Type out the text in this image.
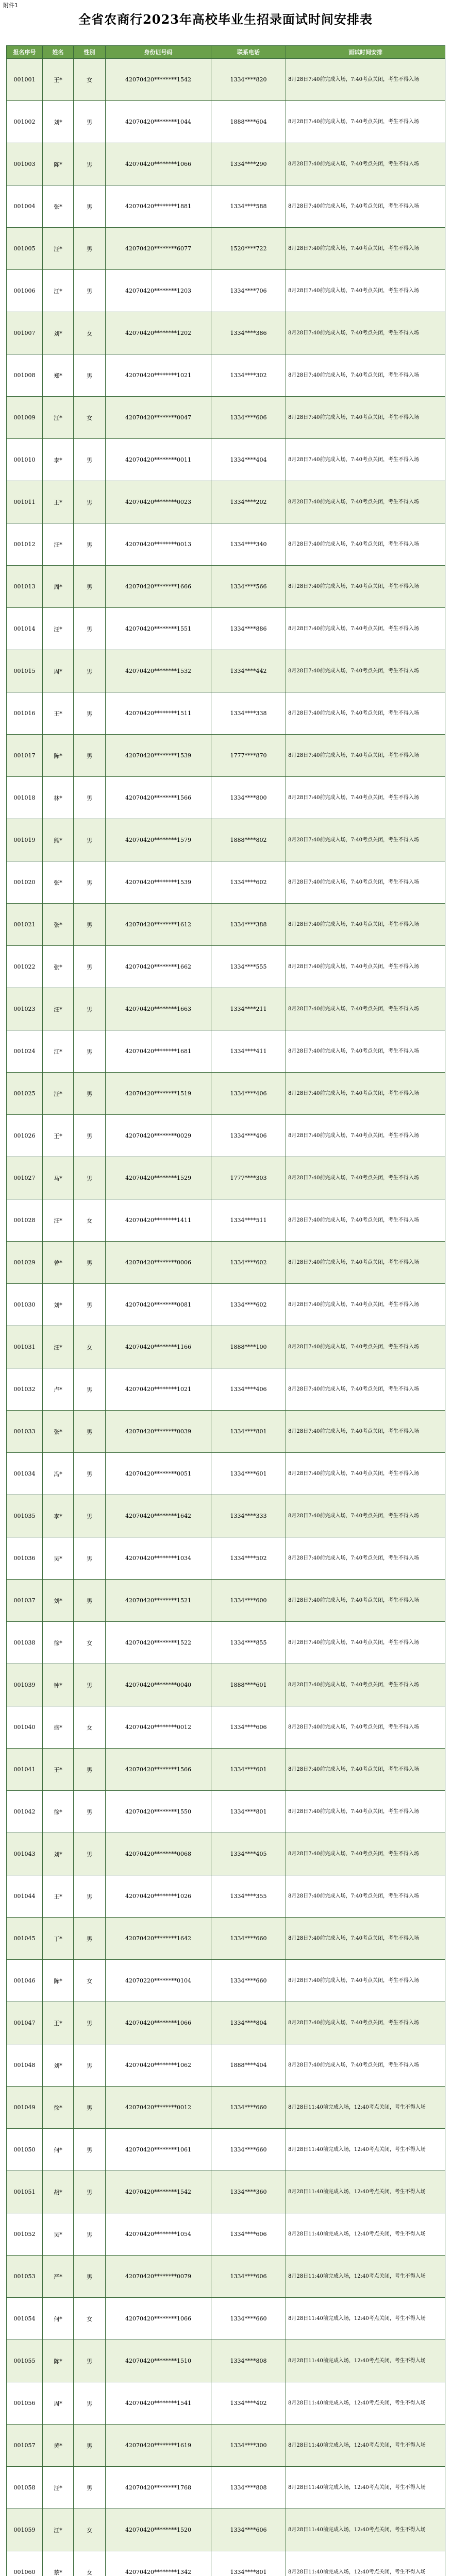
附件1
全省农商行2023年高校毕业生招录面试时间安排表
报名序号	姓名	性别	身份证号码	联系电话	面试时间安排
001001	王*	女	42070420********1542	1334****820	8月28日7:40前完成入场，7:40考点关闭，考生不得入场

001002	刘*	男	42070420********1044	1888****604	8月28日7:40前完成入场，7:40考点关闭，考生不得入场

001003	陈*	男	42070420********1066	1334****290	8月28日7:40前完成入场，7:40考点关闭，考生不得入场

001004	张*	男	42070420********1881	1334****588	8月28日7:40前完成入场，7:40考点关闭，考生不得入场

001005	汪*	男	42070420********6077	1520****722	8月28日7:40前完成入场，7:40考点关闭，考生不得入场

001006	江*	男	42070420********1203	1334****706	8月28日7:40前完成入场，7:40考点关闭，考生不得入场

001007	刘*	女	42070420********1202	1334****386	8月28日7:40前完成入场，7:40考点关闭，考生不得入场

001008	郑*	男	42070420********1021	1334****302	8月28日7:40前完成入场，7:40考点关闭，考生不得入场

001009	江*	女	42070420********0047	1334****606	8月28日7:40前完成入场，7:40考点关闭，考生不得入场

001010	李*	男	42070420********0011	1334****404	8月28日7:40前完成入场，7:40考点关闭，考生不得入场

001011	王*	男	42070420********0023	1334****202	8月28日7:40前完成入场，7:40考点关闭，考生不得入场

001012	汪*	男	42070420********0013	1334****340	8月28日7:40前完成入场，7:40考点关闭，考生不得入场

001013	周*	男	42070420********1666	1334****566	8月28日7:40前完成入场，7:40考点关闭，考生不得入场

001014	汪*	男	42070420********1551	1334****886	8月28日7:40前完成入场，7:40考点关闭，考生不得入场

001015	周*	男	42070420********1532	1334****442	8月28日7:40前完成入场，7:40考点关闭，考生不得入场

001016	王*	男	42070420********1511	1334****338	8月28日7:40前完成入场，7:40考点关闭，考生不得入场

001017	陈*	男	42070420********1539	1777****870	8月28日7:40前完成入场，7:40考点关闭，考生不得入场

001018	林*	男	42070420********1566	1334****800	8月28日7:40前完成入场，7:40考点关闭，考生不得入场

001019	熊*	男	42070420********1579	1888****802	8月28日7:40前完成入场，7:40考点关闭，考生不得入场

001020	张*	男	42070420********1539	1334****602	8月28日7:40前完成入场，7:40考点关闭，考生不得入场

001021	张*	男	42070420********1612	1334****388	8月28日7:40前完成入场，7:40考点关闭，考生不得入场

001022	张*	男	42070420********1662	1334****555	8月28日7:40前完成入场，7:40考点关闭，考生不得入场

001023	汪*	男	42070420********1663	1334****211	8月28日7:40前完成入场，7:40考点关闭，考生不得入场

001024	江*	男	42070420********1681	1334****411	8月28日7:40前完成入场，7:40考点关闭，考生不得入场

001025	汪*	男	42070420********1519	1334****406	8月28日7:40前完成入场，7:40考点关闭，考生不得入场

001026	王*	男	42070420********0029	1334****406	8月28日7:40前完成入场，7:40考点关闭，考生不得入场

001027	马*	男	42070420********1529	1777****303	8月28日7:40前完成入场，7:40考点关闭，考生不得入场

001028	汪*	女	42070420********1411	1334****511	8月28日7:40前完成入场，7:40考点关闭，考生不得入场

001029	曾*	男	42070420********0006	1334****602	8月28日7:40前完成入场，7:40考点关闭，考生不得入场

001030	刘*	男	42070420********0081	1334****602	8月28日7:40前完成入场，7:40考点关闭，考生不得入场

001031	汪*	女	42070420********1166	1888****100	8月28日7:40前完成入场，7:40考点关闭，考生不得入场

001032	卢*	男	42070420********1021	1334****406	8月28日7:40前完成入场，7:40考点关闭，考生不得入场

001033	张*	男	42070420********0039	1334****801	8月28日7:40前完成入场，7:40考点关闭，考生不得入场

001034	冯*	男	42070420********0051	1334****601	8月28日7:40前完成入场，7:40考点关闭，考生不得入场

001035	李*	男	42070420********1642	1334****333	8月28日7:40前完成入场，7:40考点关闭，考生不得入场

001036	吴*	男	42070420********1034	1334****502	8月28日7:40前完成入场，7:40考点关闭，考生不得入场

001037	刘*	男	42070420********1521	1334****600	8月28日7:40前完成入场，7:40考点关闭，考生不得入场

001038	徐*	女	42070420********1522	1334****855	8月28日7:40前完成入场，7:40考点关闭，考生不得入场

001039	钟*	男	42070420********0040	1888****601	8月28日7:40前完成入场，7:40考点关闭，考生不得入场

001040	盛*	女	42070420********0012	1334****606	8月28日7:40前完成入场，7:40考点关闭，考生不得入场

001041	王*	男	42070420********1566	1334****601	8月28日7:40前完成入场，7:40考点关闭，考生不得入场

001042	徐*	男	42070420********1550	1334****801	8月28日7:40前完成入场，7:40考点关闭，考生不得入场

001043	刘*	男	42070420********0068	1334****405	8月28日7:40前完成入场，7:40考点关闭，考生不得入场

001044	王*	男	42070420********1026	1334****355	8月28日7:40前完成入场，7:40考点关闭，考生不得入场

001045	丁*	男	42070420********1642	1334****660	8月28日7:40前完成入场，7:40考点关闭，考生不得入场

001046	陈*	女	42070220********0104	1334****660	8月28日7:40前完成入场，7:40考点关闭，考生不得入场

001047	王*	男	42070420********1066	1334****804	8月28日7:40前完成入场，7:40考点关闭，考生不得入场

001048	刘*	男	42070420********1062	1888****404	8月28日7:40前完成入场，7:40考点关闭，考生不得入场

001049	徐*	男	42070420********0012	1334****660	8月28日11:40前完成入场，12:40考点关闭，考生不得入场

001050	何*	男	42070420********1061	1334****660	8月28日11:40前完成入场，12:40考点关闭，考生不得入场

001051	胡*	男	42070420********1542	1334****360	8月28日11:40前完成入场，12:40考点关闭，考生不得入场

001052	吴*	男	42070420********1054	1334****606	8月28日11:40前完成入场，12:40考点关闭，考生不得入场

001053	严*	男	42070420********0079	1334****606	8月28日11:40前完成入场，12:40考点关闭，考生不得入场

001054	何*	女	42070420********1066	1334****660	8月28日11:40前完成入场，12:40考点关闭，考生不得入场

001055	陈*	男	42070420********1510	1334****808	8月28日11:40前完成入场，12:40考点关闭，考生不得入场

001056	周*	男	42070420********1541	1334****402	8月28日11:40前完成入场，12:40考点关闭，考生不得入场

001057	黄*	男	42070420********1619	1334****300	8月28日11:40前完成入场，12:40考点关闭，考生不得入场

001058	汪*	男	42070420********1768	1334****808	8月28日11:40前完成入场，12:40考点关闭，考生不得入场

001059	江*	女	42070420********1520	1334****606	8月28日11:40前完成入场，12:40考点关闭，考生不得入场

001060	蔡*	女	42070420********1342	1334****801	8月28日11:40前完成入场，12:40考点关闭，考生不得入场
